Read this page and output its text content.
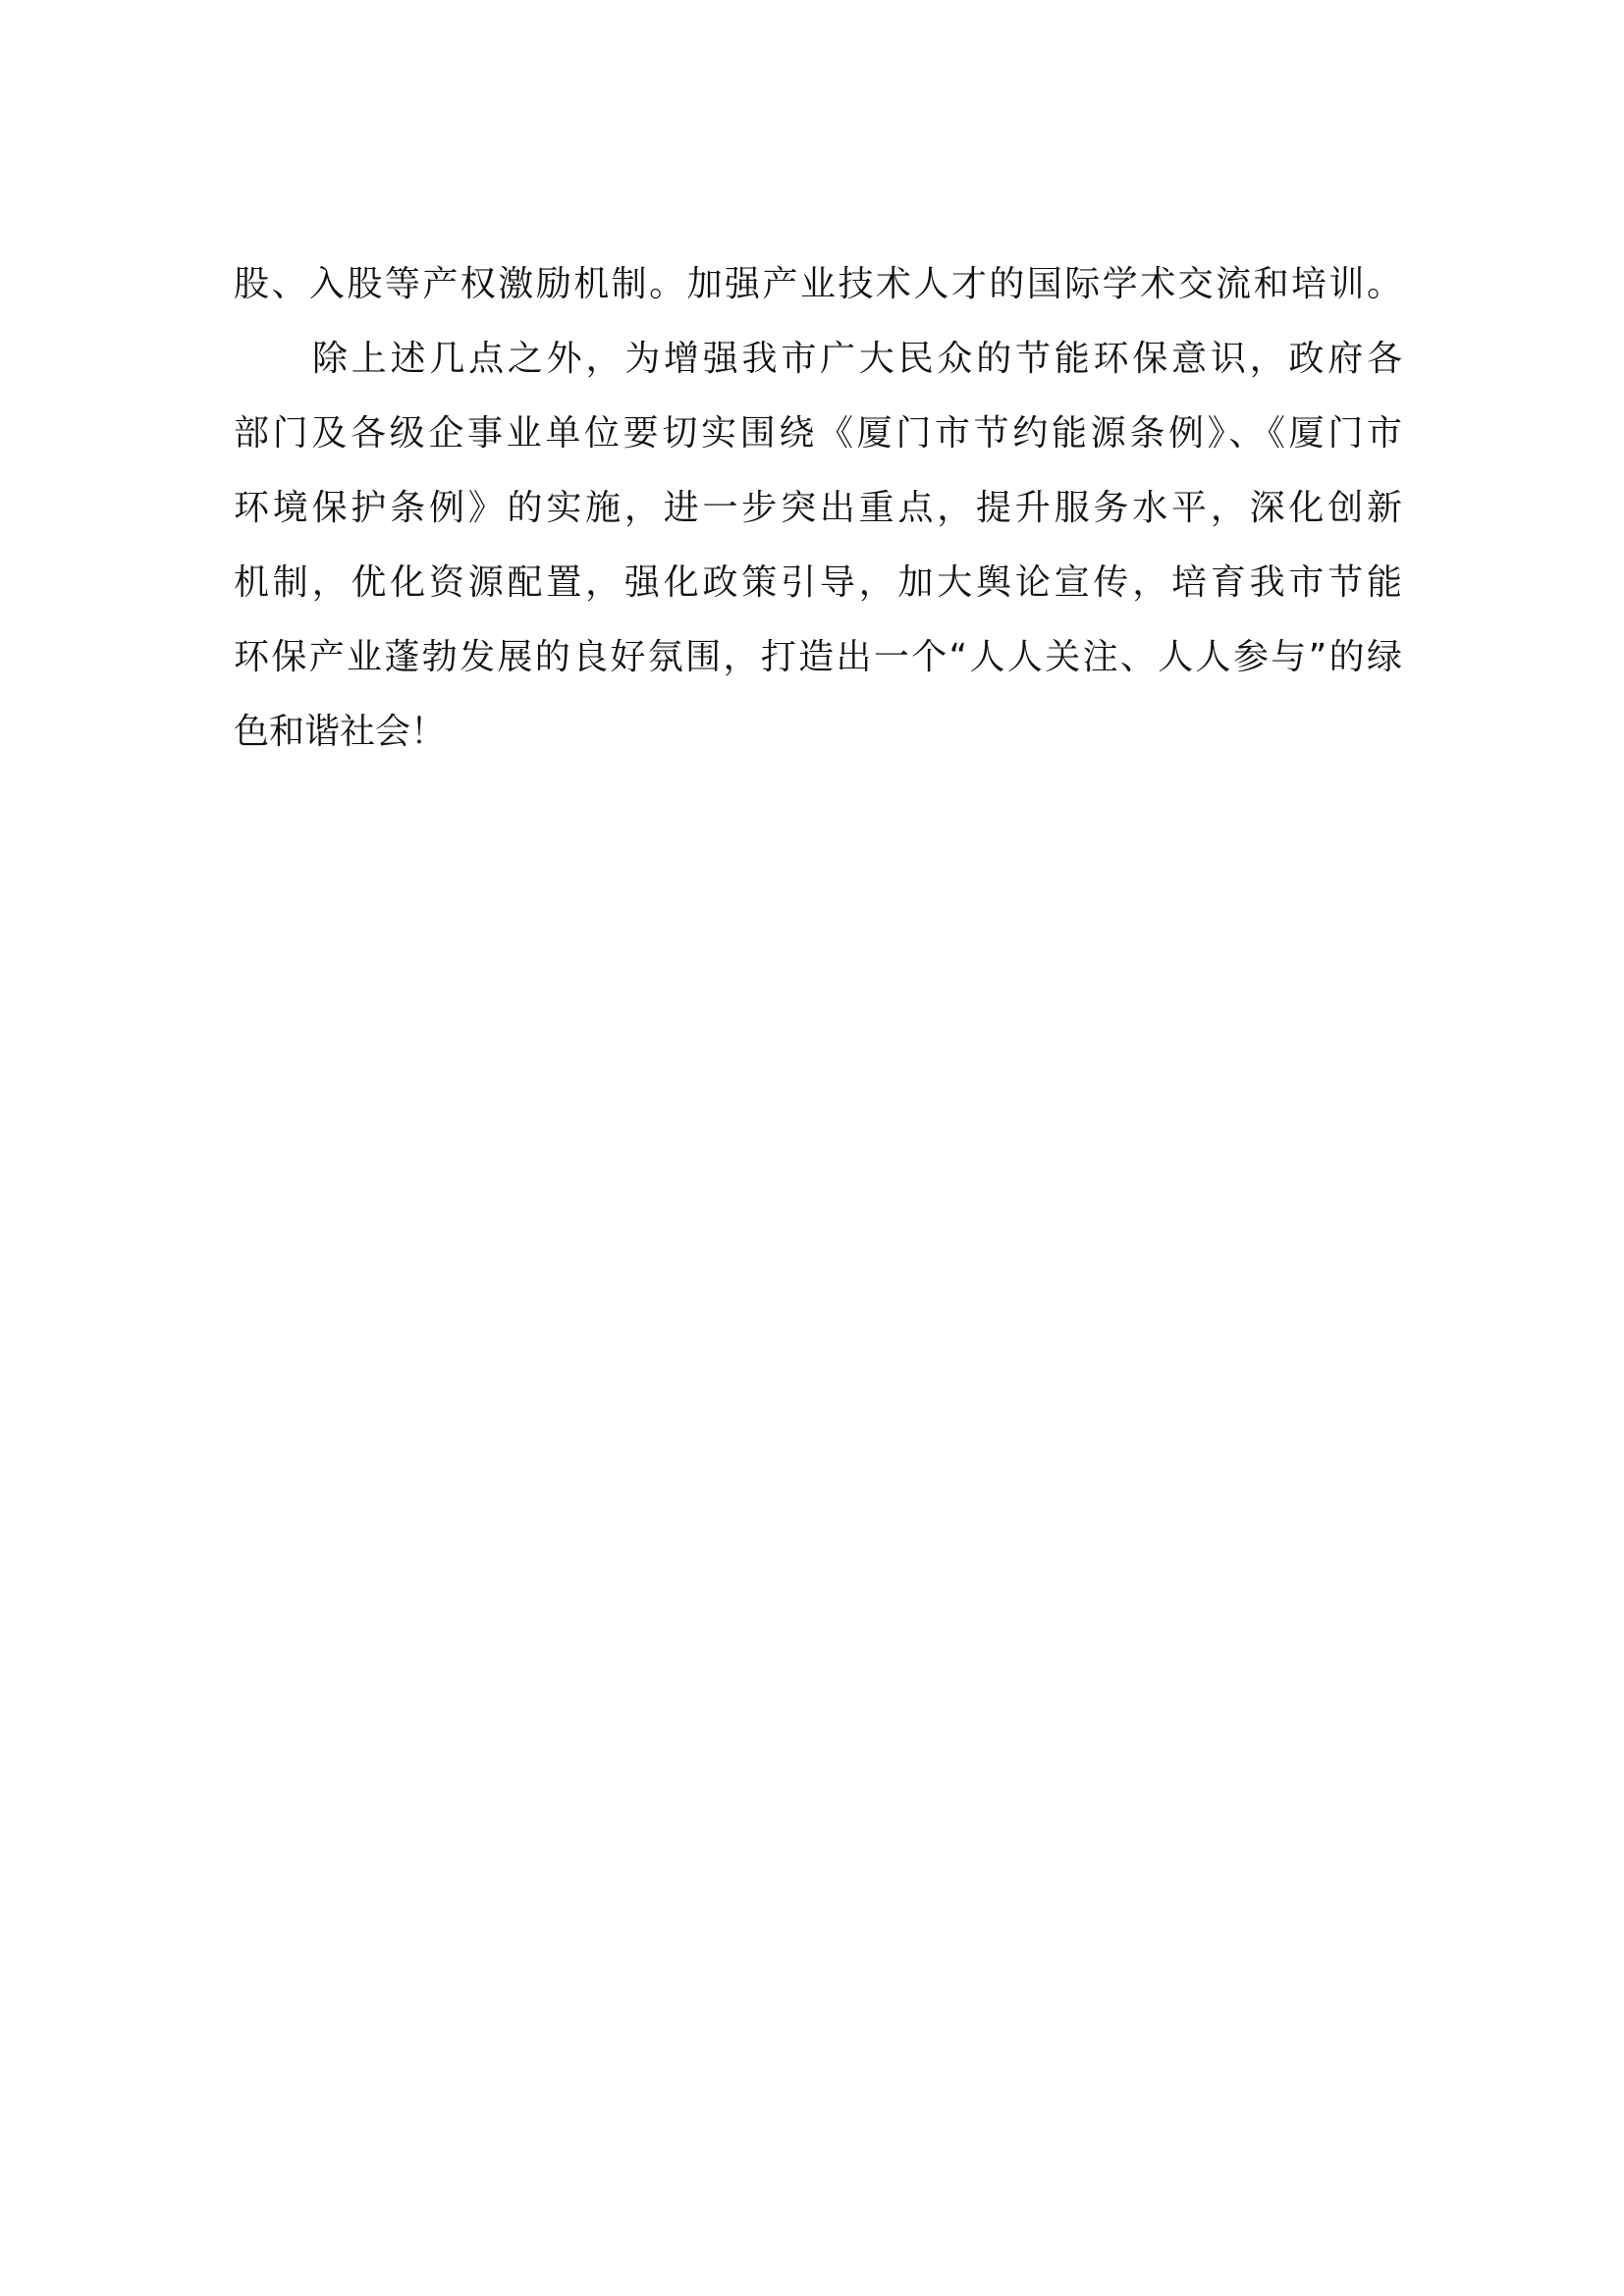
股、入股等产权激励机制。加强产业技术人才的国际学术交流和培训。
除上述几点之外，为增强我市广大民众的节能环保意识，政府各
部门及各级企事业单位要切实围绕《厦门市节约能源条例》、《厦门市
环境保护条例》的实施，进一步突出重点，提升服务水平，深化创新
机制，优化资源配置，强化政策引导，加大舆论宣传，培育我市节能
环保产业蓬勃发展的良好氛围，打造出一个“人人关注、人人参与”的绿
色和谐社会！
